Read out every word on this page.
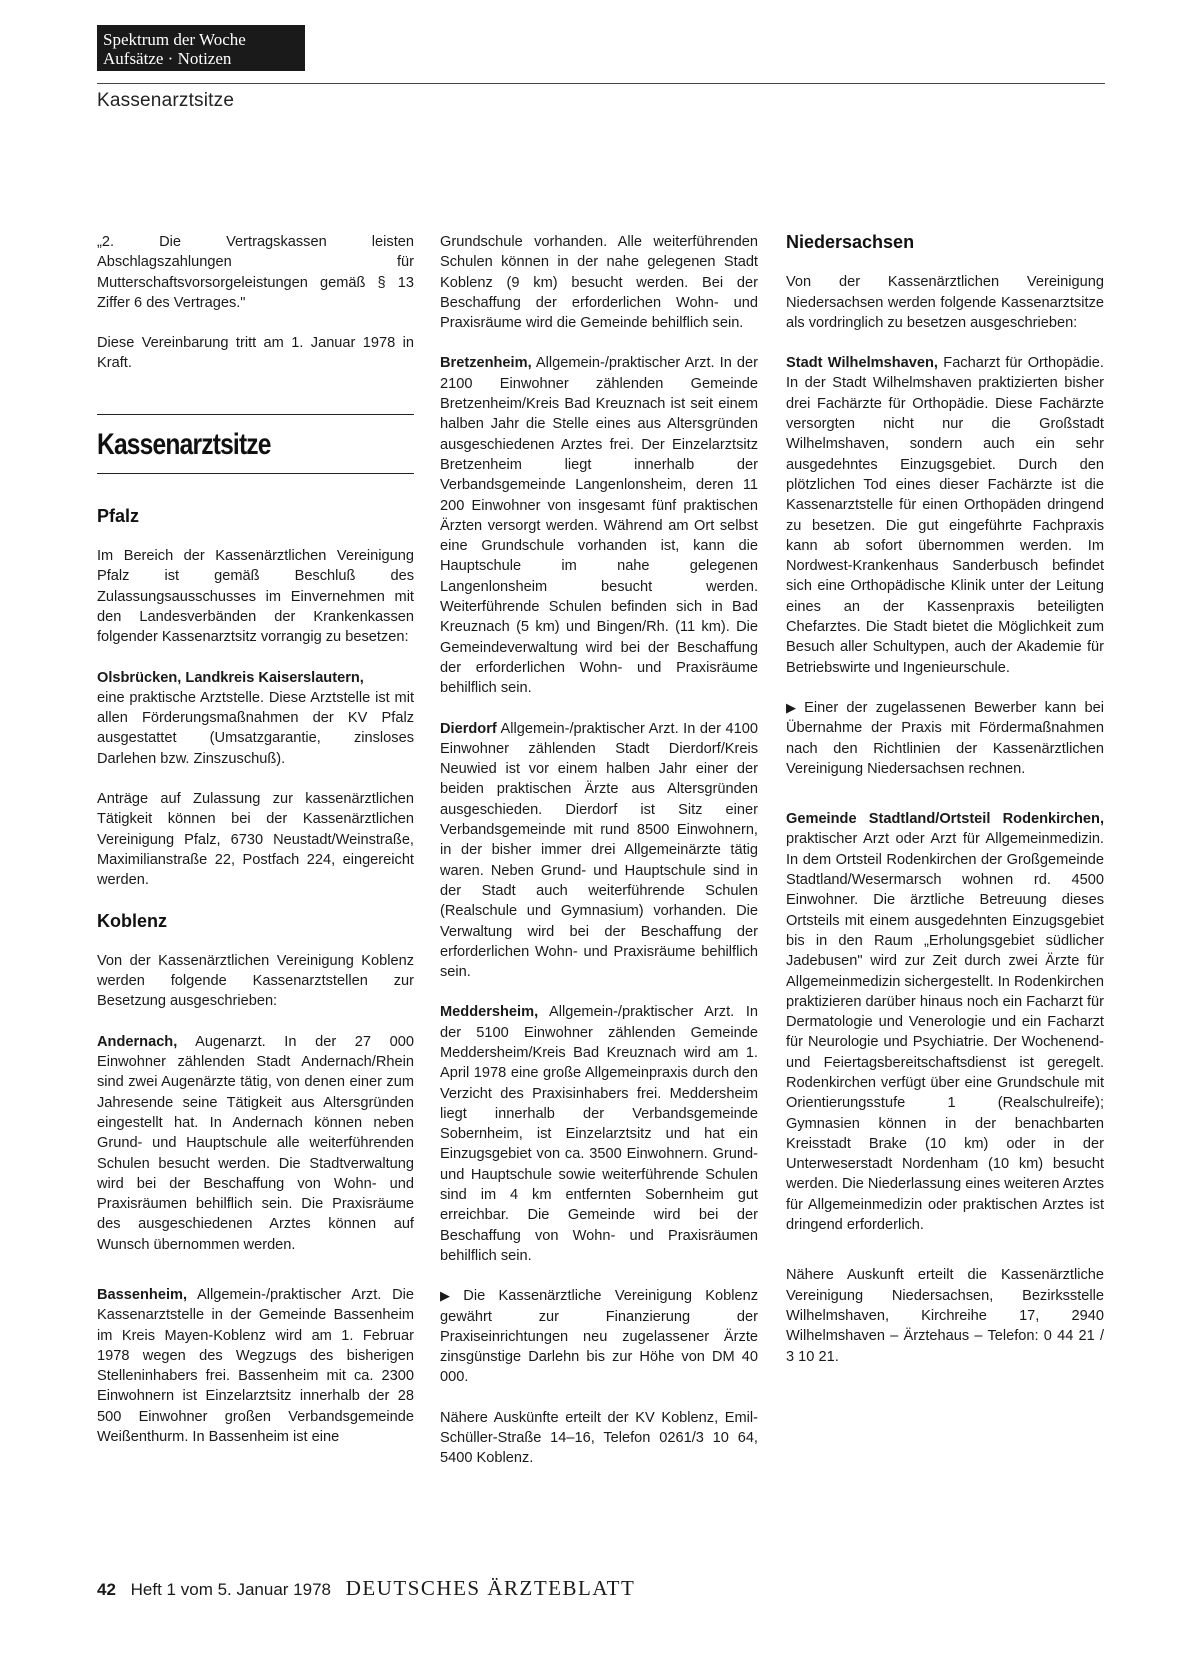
Spektrum der Woche
Aufsätze · Notizen
Kassenarztsitze

„2. Die Vertragskassen leisten Abschlagszahlungen für Mutterschaftsvorsorgeleistungen gemäß § 13 Ziffer 6 des Vertrages."

Diese Vereinbarung tritt am 1. Januar 1978 in Kraft.

Kassenarztsitze
Pfalz

Im Bereich der Kassenärztlichen Vereinigung Pfalz ist gemäß Beschluß des Zulassungsausschusses im Einvernehmen mit den Landesverbänden der Krankenkassen folgender Kassenarztsitz vorrangig zu besetzen:

Olsbrücken, Landkreis Kaiserslautern,
eine praktische Arztstelle. Diese Arztstelle ist mit allen Förderungsmaßnahmen der KV Pfalz ausgestattet (Umsatzgarantie, zinsloses Darlehen bzw. Zinszuschuß).

Anträge auf Zulassung zur kassenärztlichen Tätigkeit können bei der Kassenärztlichen Vereinigung Pfalz, 6730 Neustadt/Weinstraße, Maximilianstraße 22, Postfach 224, eingereicht werden.

Koblenz

Von der Kassenärztlichen Vereinigung Koblenz werden folgende Kassenarztstellen zur Besetzung ausgeschrieben:

Andernach, Augenarzt. In der 27 000 Einwohner zählenden Stadt Andernach/Rhein sind zwei Augenärzte tätig, von denen einer zum Jahresende seine Tätigkeit aus Altersgründen eingestellt hat. In Andernach können neben Grund- und Hauptschule alle weiterführenden Schulen besucht werden. Die Stadtverwaltung wird bei der Beschaffung von Wohn- und Praxisräumen behilflich sein. Die Praxisräume des ausgeschiedenen Arztes können auf Wunsch übernommen werden.

Bassenheim, Allgemein-/praktischer Arzt. Die Kassenarztstelle in der Gemeinde Bassenheim im Kreis Mayen-Koblenz wird am 1. Februar 1978 wegen des Wegzugs des bisherigen Stelleninhabers frei. Bassenheim mit ca. 2300 Einwohnern ist Einzelarztsitz innerhalb der 28 500 Einwohner großen Verbandsgemeinde Weißenthurm. In Bassenheim ist eine

Grundschule vorhanden. Alle weiterführenden Schulen können in der nahe gelegenen Stadt Koblenz (9 km) besucht werden. Bei der Beschaffung der erforderlichen Wohn- und Praxisräume wird die Gemeinde behilflich sein.

Bretzenheim, Allgemein-/praktischer Arzt. In der 2100 Einwohner zählenden Gemeinde Bretzenheim/Kreis Bad Kreuznach ist seit einem halben Jahr die Stelle eines aus Altersgründen ausgeschiedenen Arztes frei. Der Einzelarztsitz Bretzenheim liegt innerhalb der Verbandsgemeinde Langenlonsheim, deren 11 200 Einwohner von insgesamt fünf praktischen Ärzten versorgt werden. Während am Ort selbst eine Grundschule vorhanden ist, kann die Hauptschule im nahe gelegenen Langenlonsheim besucht werden. Weiterführende Schulen befinden sich in Bad Kreuznach (5 km) und Bingen/Rh. (11 km). Die Gemeindeverwaltung wird bei der Beschaffung der erforderlichen Wohn- und Praxisräume behilflich sein.

Dierdorf Allgemein-/praktischer Arzt. In der 4100 Einwohner zählenden Stadt Dierdorf/Kreis Neuwied ist vor einem halben Jahr einer der beiden praktischen Ärzte aus Altersgründen ausgeschieden. Dierdorf ist Sitz einer Verbandsgemeinde mit rund 8500 Einwohnern, in der bisher immer drei Allgemeinärzte tätig waren. Neben Grund- und Hauptschule sind in der Stadt auch weiterführende Schulen (Realschule und Gymnasium) vorhanden. Die Verwaltung wird bei der Beschaffung der erforderlichen Wohn- und Praxisräume behilflich sein.

Meddersheim, Allgemein-/praktischer Arzt. In der 5100 Einwohner zählenden Gemeinde Meddersheim/Kreis Bad Kreuznach wird am 1. April 1978 eine große Allgemeinpraxis durch den Verzicht des Praxisinhabers frei. Meddersheim liegt innerhalb der Verbandsgemeinde Sobernheim, ist Einzelarztsitz und hat ein Einzugsgebiet von ca. 3500 Einwohnern. Grund- und Hauptschule sowie weiterführende Schulen sind im 4 km entfernten Sobernheim gut erreichbar. Die Gemeinde wird bei der Beschaffung von Wohn- und Praxisräumen behilflich sein.

▶ Die Kassenärztliche Vereinigung Koblenz gewährt zur Finanzierung der Praxiseinrichtungen neu zugelassener Ärzte zinsgünstige Darlehn bis zur Höhe von DM 40 000.

Nähere Auskünfte erteilt der KV Koblenz, Emil-Schüller-Straße 14–16, Telefon 0261/3 10 64, 5400 Koblenz.

Niedersachsen

Von der Kassenärztlichen Vereinigung Niedersachsen werden folgende Kassenarztsitze als vordringlich zu besetzen ausgeschrieben:

Stadt Wilhelmshaven, Facharzt für Orthopädie. In der Stadt Wilhelmshaven praktizierten bisher drei Fachärzte für Orthopädie. Diese Fachärzte versorgten nicht nur die Großstadt Wilhelmshaven, sondern auch ein sehr ausgedehntes Einzugsgebiet. Durch den plötzlichen Tod eines dieser Fachärzte ist die Kassenarztstelle für einen Orthopäden dringend zu besetzen. Die gut eingeführte Fachpraxis kann ab sofort übernommen werden. Im Nordwest-Krankenhaus Sanderbusch befindet sich eine Orthopädische Klinik unter der Leitung eines an der Kassenpraxis beteiligten Chefarztes. Die Stadt bietet die Möglichkeit zum Besuch aller Schultypen, auch der Akademie für Betriebswirte und Ingenieurschule.

▶ Einer der zugelassenen Bewerber kann bei Übernahme der Praxis mit Fördermaßnahmen nach den Richtlinien der Kassenärztlichen Vereinigung Niedersachsen rechnen.

Gemeinde Stadtland/Ortsteil Rodenkirchen, praktischer Arzt oder Arzt für Allgemeinmedizin. In dem Ortsteil Rodenkirchen der Großgemeinde Stadtland/Wesermarsch wohnen rd. 4500 Einwohner. Die ärztliche Betreuung dieses Ortsteils mit einem ausgedehnten Einzugsgebiet bis in den Raum „Erholungsgebiet südlicher Jadebusen" wird zur Zeit durch zwei Ärzte für Allgemeinmedizin sichergestellt. In Rodenkirchen praktizieren darüber hinaus noch ein Facharzt für Dermatologie und Venerologie und ein Facharzt für Neurologie und Psychiatrie. Der Wochenend- und Feiertagsbereitschaftsdienst ist geregelt. Rodenkirchen verfügt über eine Grundschule mit Orientierungsstufe 1 (Realschulreife); Gymnasien können in der benachbarten Kreisstadt Brake (10 km) oder in der Unterweserstadt Nordenham (10 km) besucht werden. Die Niederlassung eines weiteren Arztes für Allgemeinmedizin oder praktischen Arztes ist dringend erforderlich.

Nähere Auskunft erteilt die Kassenärztliche Vereinigung Niedersachsen, Bezirksstelle Wilhelmshaven, Kirchreihe 17, 2940 Wilhelmshaven – Ärztehaus – Telefon: 0 44 21 / 3 10 21.

42 Heft 1 vom 5. Januar 1978 DEUTSCHES ÄRZTEBLATT
